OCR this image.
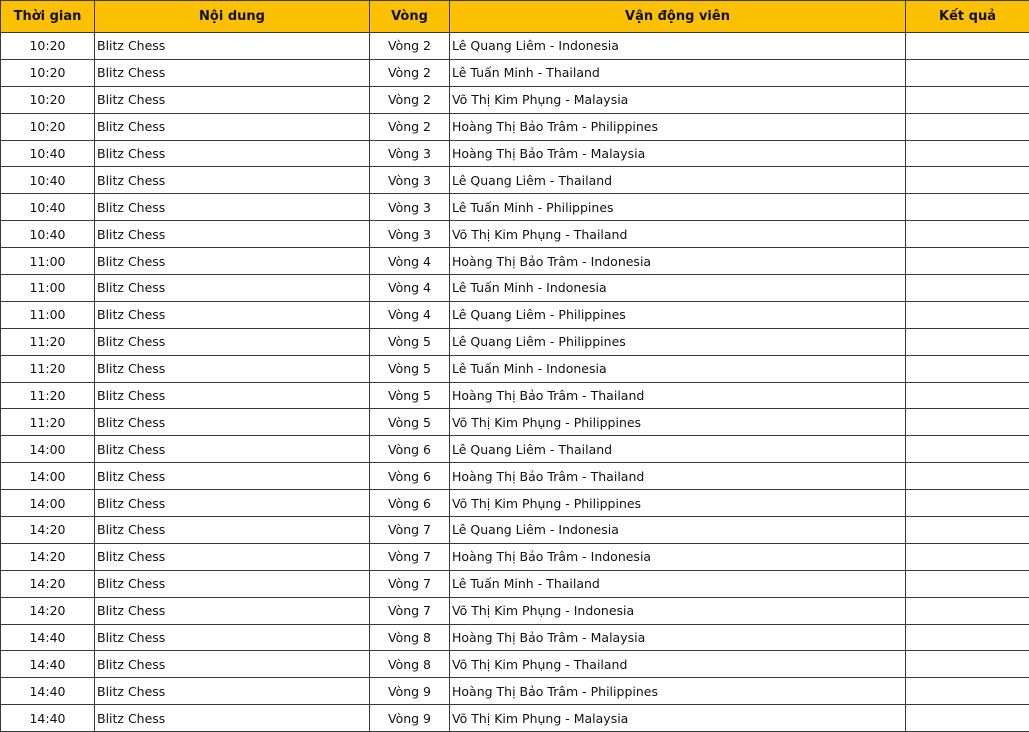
Thời gian	Nội dung	Vòng	Vận động viên	Kết quả
10:20	Blitz Chess	Vòng 2	Lê Quang Liêm - Indonesia	
10:20	Blitz Chess	Vòng 2	Lê Tuấn Minh - Thailand	
10:20	Blitz Chess	Vòng 2	Võ Thị Kim Phụng - Malaysia	
10:20	Blitz Chess	Vòng 2	Hoàng Thị Bảo Trâm - Philippines	
10:40	Blitz Chess	Vòng 3	Hoàng Thị Bảo Trâm - Malaysia	
10:40	Blitz Chess	Vòng 3	Lê Quang Liêm - Thailand	
10:40	Blitz Chess	Vòng 3	Lê Tuấn Minh - Philippines	
10:40	Blitz Chess	Vòng 3	Võ Thị Kim Phụng - Thailand	
11:00	Blitz Chess	Vòng 4	Hoàng Thị Bảo Trâm - Indonesia	
11:00	Blitz Chess	Vòng 4	Lê Tuấn Minh - Indonesia	
11:00	Blitz Chess	Vòng 4	Lê Quang Liêm - Philippines	
11:20	Blitz Chess	Vòng 5	Lê Quang Liêm - Philippines	
11:20	Blitz Chess	Vòng 5	Lê Tuấn Minh - Indonesia	
11:20	Blitz Chess	Vòng 5	Hoàng Thị Bảo Trâm - Thailand	
11:20	Blitz Chess	Vòng 5	Võ Thị Kim Phụng - Philippines	
14:00	Blitz Chess	Vòng 6	Lê Quang Liêm - Thailand	
14:00	Blitz Chess	Vòng 6	Hoàng Thị Bảo Trâm - Thailand	
14:00	Blitz Chess	Vòng 6	Võ Thị Kim Phụng - Philippines	
14:20	Blitz Chess	Vòng 7	Lê Quang Liêm - Indonesia	
14:20	Blitz Chess	Vòng 7	Hoàng Thị Bảo Trâm - Indonesia	
14:20	Blitz Chess	Vòng 7	Lê Tuấn Minh - Thailand	
14:20	Blitz Chess	Vòng 7	Võ Thị Kim Phụng - Indonesia	
14:40	Blitz Chess	Vòng 8	Hoàng Thị Bảo Trâm - Malaysia	
14:40	Blitz Chess	Vòng 8	Võ Thị Kim Phụng - Thailand	
14:40	Blitz Chess	Vòng 9	Hoàng Thị Bảo Trâm - Philippines	
14:40	Blitz Chess	Vòng 9	Võ Thị Kim Phụng - Malaysia	
